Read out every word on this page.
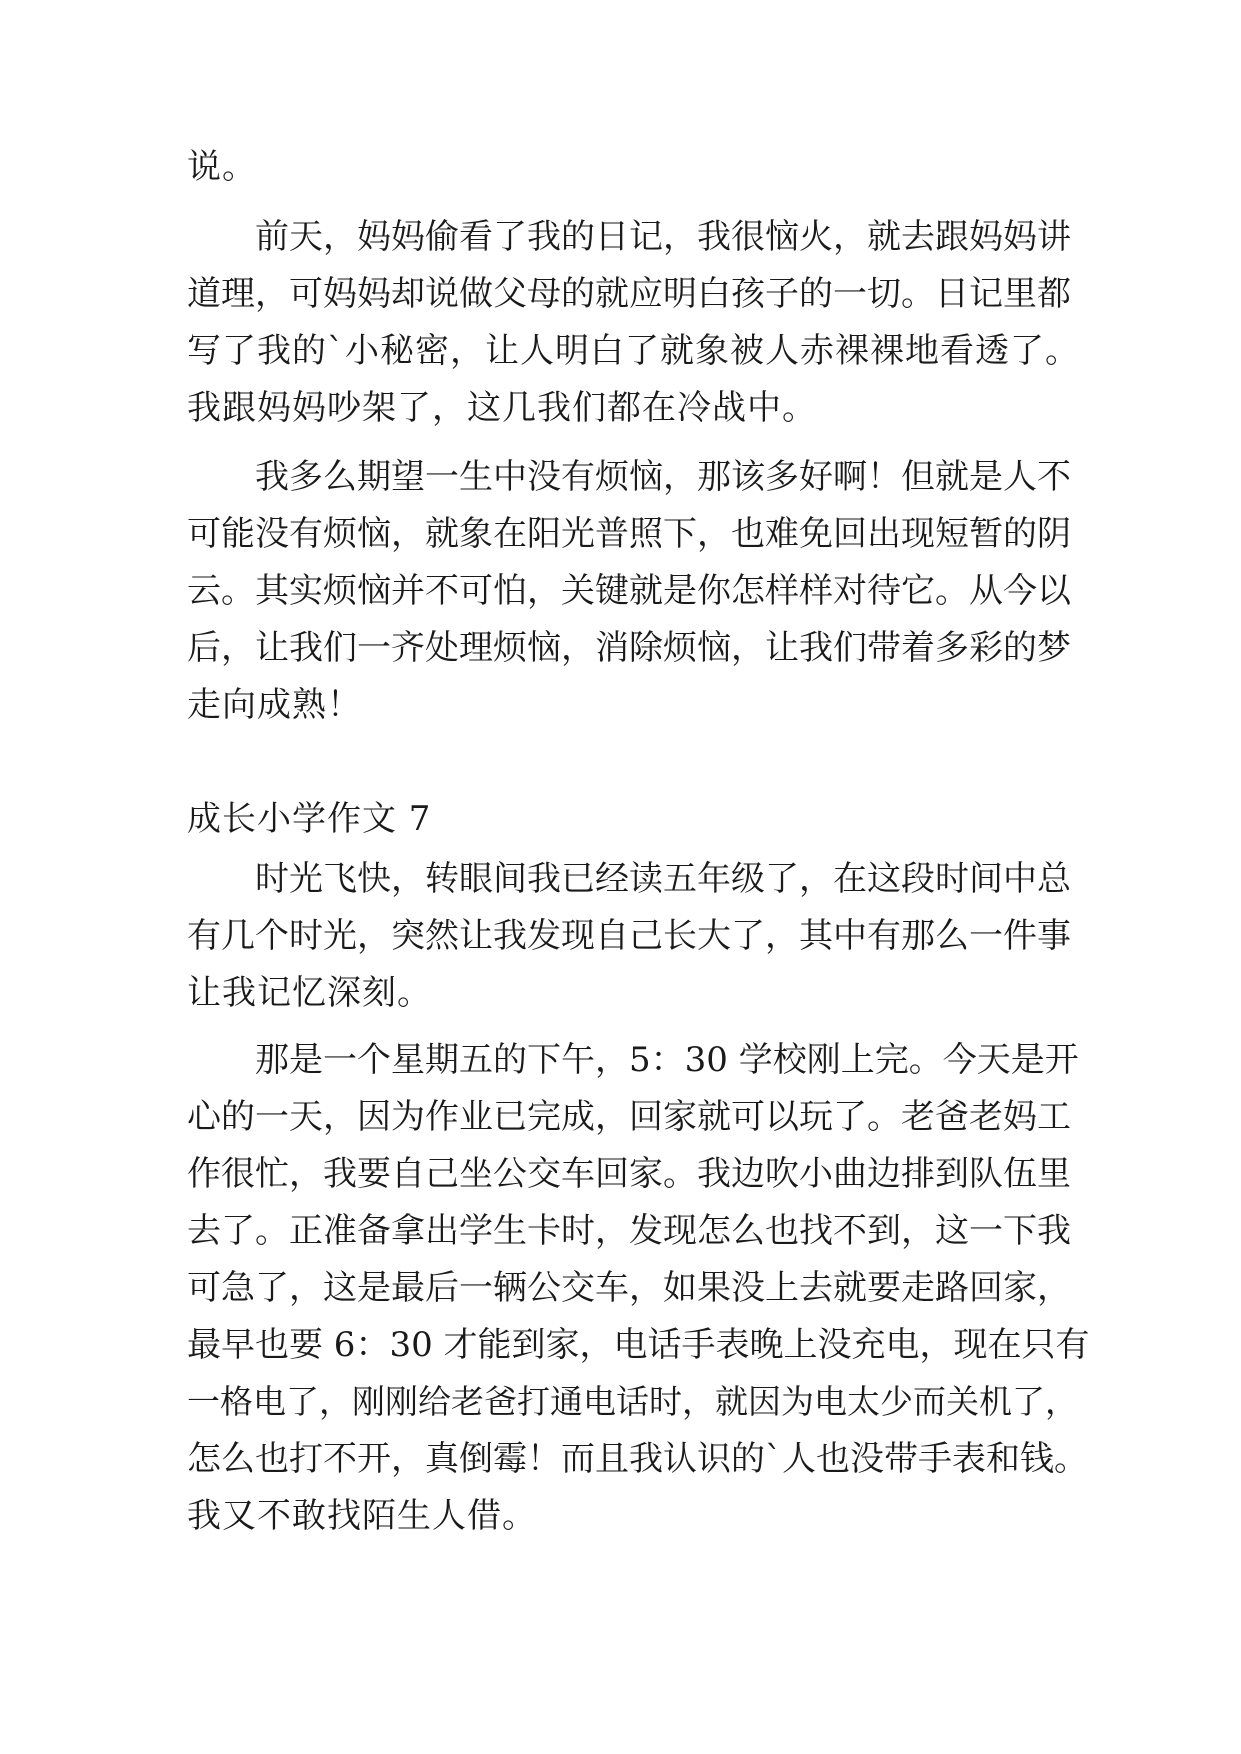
说。
前天，妈妈偷看了我的日记，我很恼火，就去跟妈妈讲
道理，可妈妈却说做父母的就应明白孩子的一切。日记里都
写了我的`小秘密，让人明白了就象被人赤裸裸地看透了。
我跟妈妈吵架了，这几我们都在冷战中。
我多么期望一生中没有烦恼，那该多好啊！但就是人不
可能没有烦恼，就象在阳光普照下，也难免回出现短暂的阴
云。其实烦恼并不可怕，关键就是你怎样样对待它。从今以
后，让我们一齐处理烦恼，消除烦恼，让我们带着多彩的梦
走向成熟！
成长小学作文 7
时光飞快，转眼间我已经读五年级了，在这段时间中总
有几个时光，突然让我发现自己长大了，其中有那么一件事
让我记忆深刻。
那是一个星期五的下午，5：30 学校刚上完。今天是开
心的一天，因为作业已完成，回家就可以玩了。老爸老妈工
作很忙，我要自己坐公交车回家。我边吹小曲边排到队伍里
去了。正准备拿出学生卡时，发现怎么也找不到，这一下我
可急了，这是最后一辆公交车，如果没上去就要走路回家，
最早也要 6：30 才能到家，电话手表晚上没充电，现在只有
一格电了，刚刚给老爸打通电话时，就因为电太少而关机了，
怎么也打不开，真倒霉！而且我认识的`人也没带手表和钱。
我又不敢找陌生人借。
